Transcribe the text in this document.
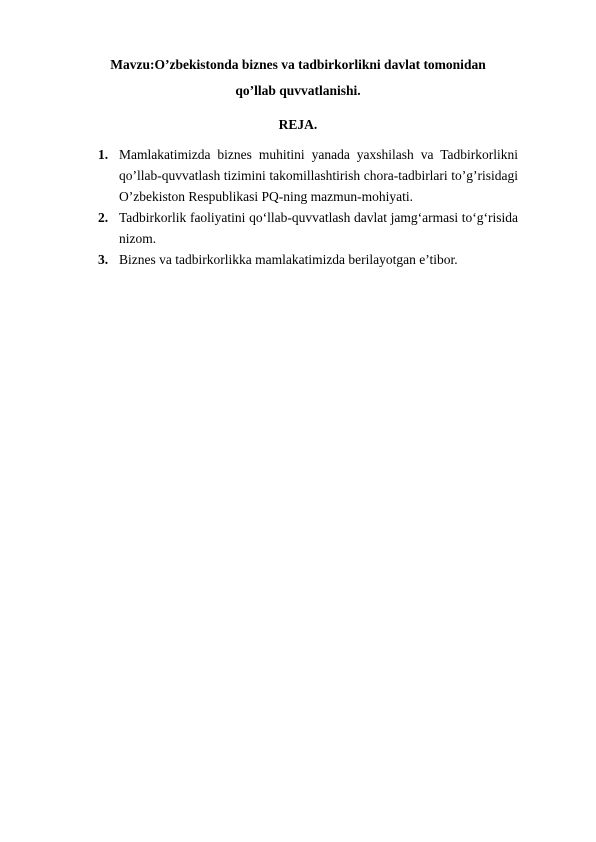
Mavzu:O’zbekistonda biznes va tadbirkorlikni davlat tomonidan qo’llab quvvatlanishi.
REJA.
1. Mamlakatimizda biznes muhitini yanada yaxshilash va Tadbirkorlikni qo’llab-quvvatlash tizimini takomillashtirish chora-tadbirlari to’g’risidagi O’zbekiston Respublikasi PQ-ning mazmun-mohiyati.
2. Tadbirkorlik faoliyatini qo‘llab-quvvatlash davlat jamg‘armasi to‘g‘risida nizom.
3. Biznes va tadbirkorlikka mamlakatimizda berilayotgan e’tibor.
